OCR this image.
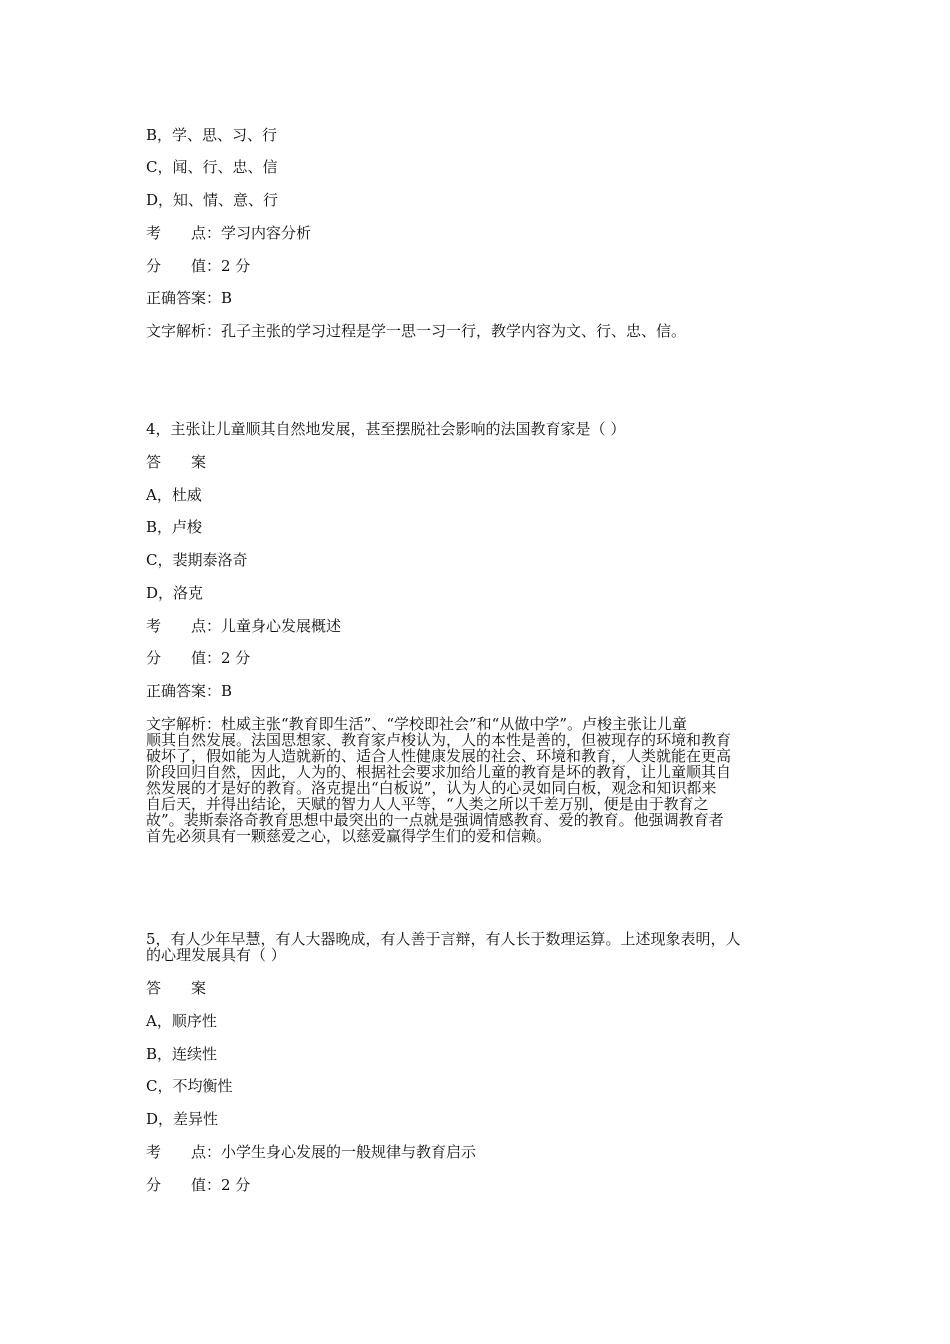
B，学、思、习、行
C，闻、行、忠、信
D，知、情、意、行
考　　点：学习内容分析
分　　值：2 分
正确答案：B
文字解析：孔子主张的学习过程是学一思一习一行，教学内容为文、行、忠、信。
4，主张让儿童顺其自然地发展，甚至摆脱社会影响的法国教育家是（ ）
答　　案
A，杜威
B，卢梭
C，裴期泰洛奇
D，洛克
考　　点：儿童身心发展概述
分　　值：2 分
正确答案：B
文字解析：杜威主张“教育即生活”、“学校即社会”和“从做中学”。卢梭主张让儿童
顺其自然发展。法国思想家、教育家卢梭认为，人的本性是善的，但被现存的环境和教育
破坏了，假如能为人造就新的、适合人性健康发展的社会、环境和教育，人类就能在更高
阶段回归自然，因此，人为的、根据社会要求加给儿童的教育是坏的教育，让儿童顺其自
然发展的才是好的教育。洛克提出“白板说”，认为人的心灵如同白板，观念和知识都来
自后天，并得出结论，天赋的智力人人平等，“人类之所以千差万别，便是由于教育之
故”。裴斯泰洛奇教育思想中最突出的一点就是强调情感教育、爱的教育。他强调教育者
首先必须具有一颗慈爱之心，以慈爱赢得学生们的爱和信赖。
5，有人少年早慧，有人大器晚成，有人善于言辩，有人长于数理运算。上述现象表明，人
的心理发展具有（ ）
答　　案
A，顺序性
B，连续性
C，不均衡性
D，差异性
考　　点：小学生身心发展的一般规律与教育启示
分　　值：2 分
